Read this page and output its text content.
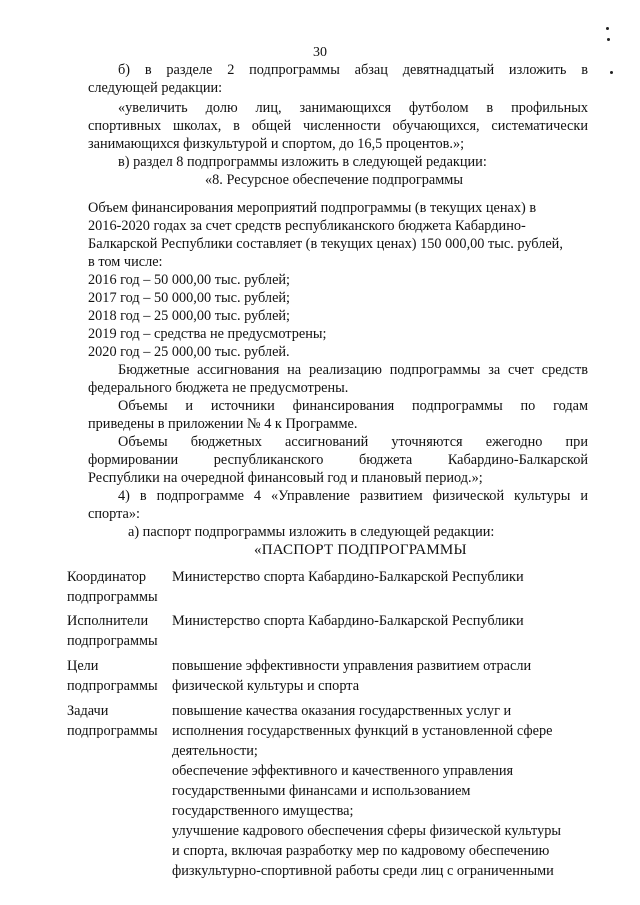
30
б) в разделе 2 подпрограммы абзац девятнадцатый изложить в
следующей редакции:
«увеличить долю лиц, занимающихся футболом в профильных
спортивных школах, в общей численности обучающихся, систематически
занимающихся физкультурой и спортом, до 16,5 процентов.»;
в) раздел 8 подпрограммы изложить в следующей редакции:
«8. Ресурсное обеспечение подпрограммы
Объем финансирования мероприятий подпрограммы (в текущих ценах) в
2016-2020 годах за счет средств республиканского бюджета Кабардино-
Балкарской Республики составляет (в текущих ценах) 150 000,00 тыс. рублей,
в том числе:
2016 год – 50 000,00 тыс. рублей;
2017 год – 50 000,00 тыс. рублей;
2018 год – 25 000,00 тыс. рублей;
2019 год – средства не предусмотрены;
2020 год – 25 000,00 тыс. рублей.
Бюджетные ассигнования на реализацию подпрограммы за счет средств
федерального бюджета не предусмотрены.
Объемы и источники финансирования подпрограммы по годам
приведены в приложении № 4 к Программе.
Объемы бюджетных ассигнований уточняются ежегодно при
формировании республиканского бюджета Кабардино-Балкарской
Республики на очередной финансовый год и плановый период.»;
4) в подпрограмме 4 «Управление развитием физической культуры и
спорта»:
а) паспорт подпрограммы изложить в следующей редакции:
«ПАСПОРТ ПОДПРОГРАММЫ
Координатор
подпрограммы
Министерство спорта Кабардино-Балкарской Республики
Исполнители
подпрограммы
Министерство спорта Кабардино-Балкарской Республики
Цели
подпрограммы
повышение эффективности управления развитием отрасли
физической культуры и спорта
Задачи
подпрограммы
повышение качества оказания государственных услуг и
исполнения государственных функций в установленной сфере
деятельности;
обеспечение эффективного и качественного управления
государственными финансами и использованием
государственного имущества;
улучшение кадрового обеспечения сферы физической культуры
и спорта, включая разработку мер по кадровому обеспечению
физкультурно-спортивной работы среди лиц с ограниченными
